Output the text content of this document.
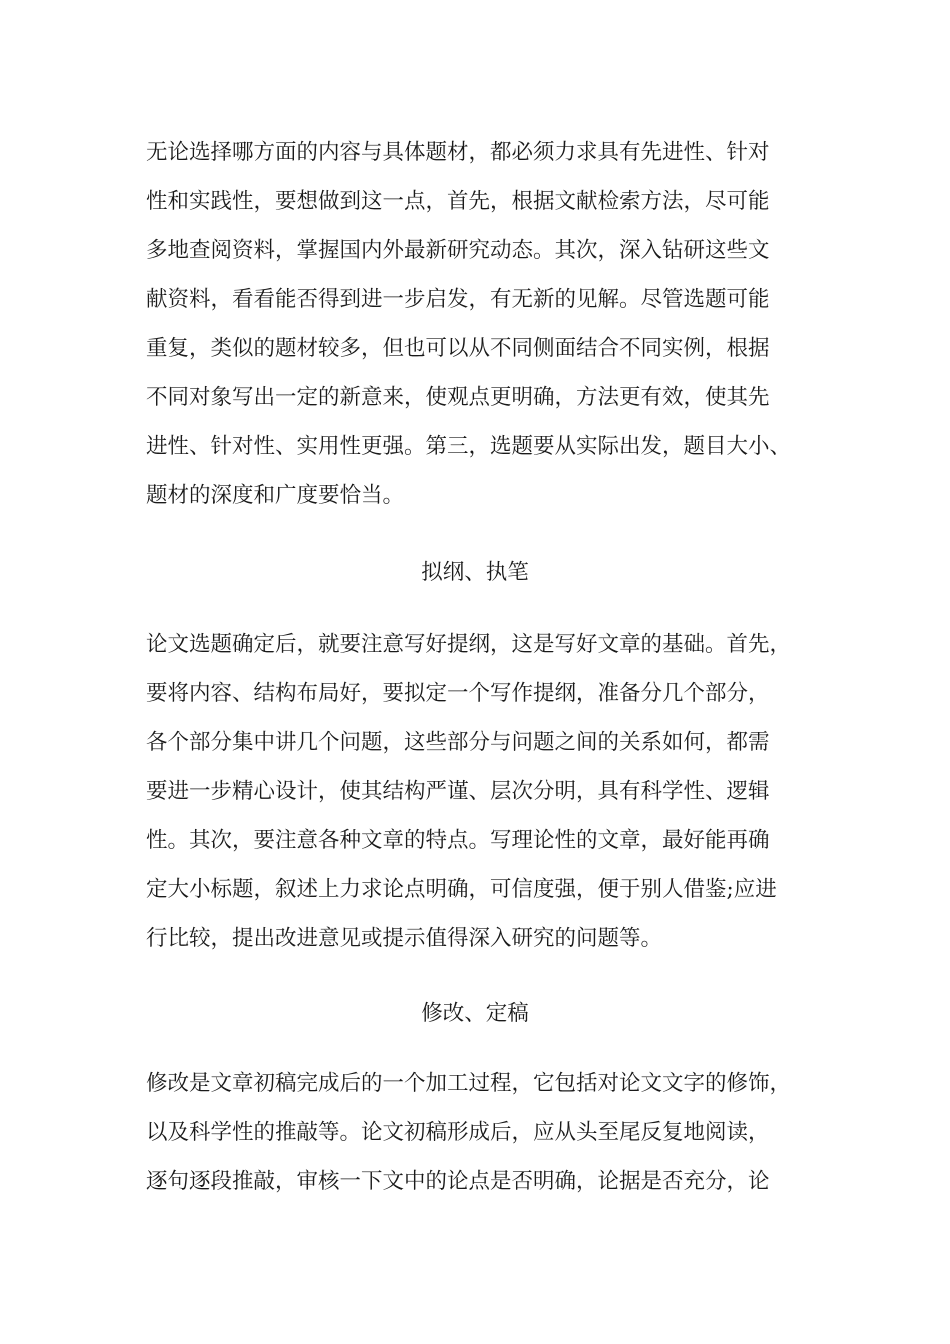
无论选择哪方面的内容与具体题材，都必须力求具有先进性、针对
性和实践性，要想做到这一点，首先，根据文献检索方法，尽可能
多地查阅资料，掌握国内外最新研究动态。其次，深入钻研这些文
献资料，看看能否得到进一步启发，有无新的见解。尽管选题可能
重复，类似的题材较多，但也可以从不同侧面结合不同实例，根据
不同对象写出一定的新意来，使观点更明确，方法更有效，使其先
进性、针对性、实用性更强。第三，选题要从实际出发，题目大小、
题材的深度和广度要恰当。
拟纲、执笔
论文选题确定后，就要注意写好提纲，这是写好文章的基础。首先，
要将内容、结构布局好，要拟定一个写作提纲，准备分几个部分，
各个部分集中讲几个问题，这些部分与问题之间的关系如何，都需
要进一步精心设计，使其结构严谨、层次分明，具有科学性、逻辑
性。其次，要注意各种文章的特点。写理论性的文章，最好能再确
定大小标题，叙述上力求论点明确，可信度强，便于别人借鉴;应进
行比较，提出改进意见或提示值得深入研究的问题等。
修改、定稿
修改是文章初稿完成后的一个加工过程，它包括对论文文字的修饰，
以及科学性的推敲等。论文初稿形成后，应从头至尾反复地阅读，
逐句逐段推敲，审核一下文中的论点是否明确，论据是否充分，论
